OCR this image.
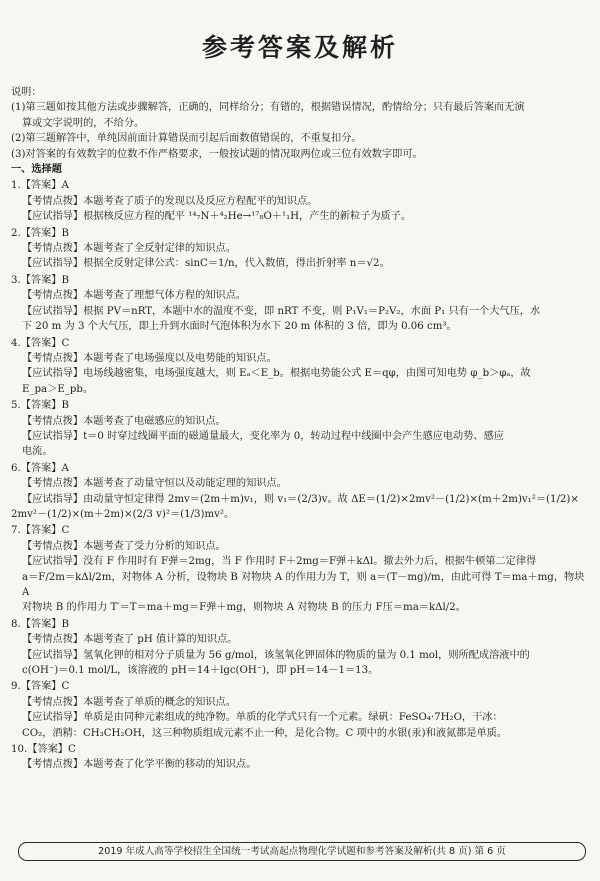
参考答案及解析

说明：

(1)第三题如按其他方法或步骤解答，正确的，同样给分；有错的，根据错误情况，酌情给分；只有最后答案而无演

算或文字说明的，不给分。

(2)第三题解答中，单纯因前面计算错误而引起后面数值错误的，不重复扣分。

(3)对答案的有效数字的位数不作严格要求，一般按试题的情况取两位或三位有效数字即可。

一、选择题

1.【答案】A

【考情点拨】本题考查了质子的发现以及反应方程配平的知识点。

【应试指导】根据核反应方程的配平 ¹⁴₇N＋⁴₂He→¹⁷₈O＋¹₁H，产生的新粒子为质子。

2.【答案】B

【考情点拨】本题考查了全反射定律的知识点。

【应试指导】根据全反射定律公式：sinC＝1/n，代入数值，得出折射率 n＝√2。

3.【答案】B

【考情点拨】本题考查了理想气体方程的知识点。

【应试指导】根据 PV＝nRT，本题中水的温度不变，即 nRT 不变，则 P₁V₁＝P₂V₂，水面 P₁ 只有一个大气压，水

下 20 m 为 3 个大气压，即上升到水面时气泡体积为水下 20 m 体积的 3 倍，即为 0.06 cm³。

4.【答案】C

【考情点拨】本题考查了电场强度以及电势能的知识点。

【应试指导】电场线越密集，电场强度越大，则 Eₐ＜E_b。根据电势能公式 E＝qφ，由图可知电势 φ_b＞φₐ，故

E_pa＞E_pb。

5.【答案】B

【考情点拨】本题考查了电磁感应的知识点。

【应试指导】t＝0 时穿过线圈平面的磁通量最大，变化率为 0，转动过程中线圈中会产生感应电动势、感应

电流。

6.【答案】A

【考情点拨】本题考查了动量守恒以及动能定理的知识点。

【应试指导】由动量守恒定律得 2mv＝(2m＋m)v₁，则 v₁＝(2/3)v。故 ΔE＝(1/2)×2mv²－(1/2)×(m＋2m)v₁²＝(1/2)×

2mv²－(1/2)×(m＋2m)×(2/3 v)²＝(1/3)mv²。

7.【答案】C

【考情点拨】本题考查了受力分析的知识点。

【应试指导】没有 F 作用时有 F弹＝2mg，当 F 作用时 F＋2mg＝F弹＋kΔl。撤去外力后，根据牛顿第二定律得

a＝F/2m＝kΔl/2m，对物体 A 分析，设物块 B 对物块 A 的作用力为 T，则 a＝(T－mg)/m，由此可得 T＝ma＋mg，物块 A

对物块 B 的作用力 T′＝T＝ma＋mg＝F弹＋mg，则物块 A 对物块 B 的压力 F压＝ma＝kΔl/2。

8.【答案】B

【考情点拨】本题考查了 pH 值计算的知识点。

【应试指导】氢氧化钾的相对分子质量为 56 g/mol，该氢氧化钾固体的物质的量为 0.1 mol，则所配成溶液中的

c(OH⁻)＝0.1 mol/L，该溶液的 pH＝14＋lgc(OH⁻)，即 pH＝14－1＝13。

9.【答案】C

【考情点拨】本题考查了单质的概念的知识点。

【应试指导】单质是由同种元素组成的纯净物。单质的化学式只有一个元素。绿矾：FeSO₄·7H₂O，干冰：

CO₂，酒精：CH₃CH₂OH，这三种物质组成元素不止一种，是化合物。C 项中的水银(汞)和液氮都是单质。

10.【答案】C

【考情点拨】本题考查了化学平衡的移动的知识点。

2019 年成人高等学校招生全国统一考试高起点物理化学试题和参考答案及解析(共 8 页) 第 6 页
